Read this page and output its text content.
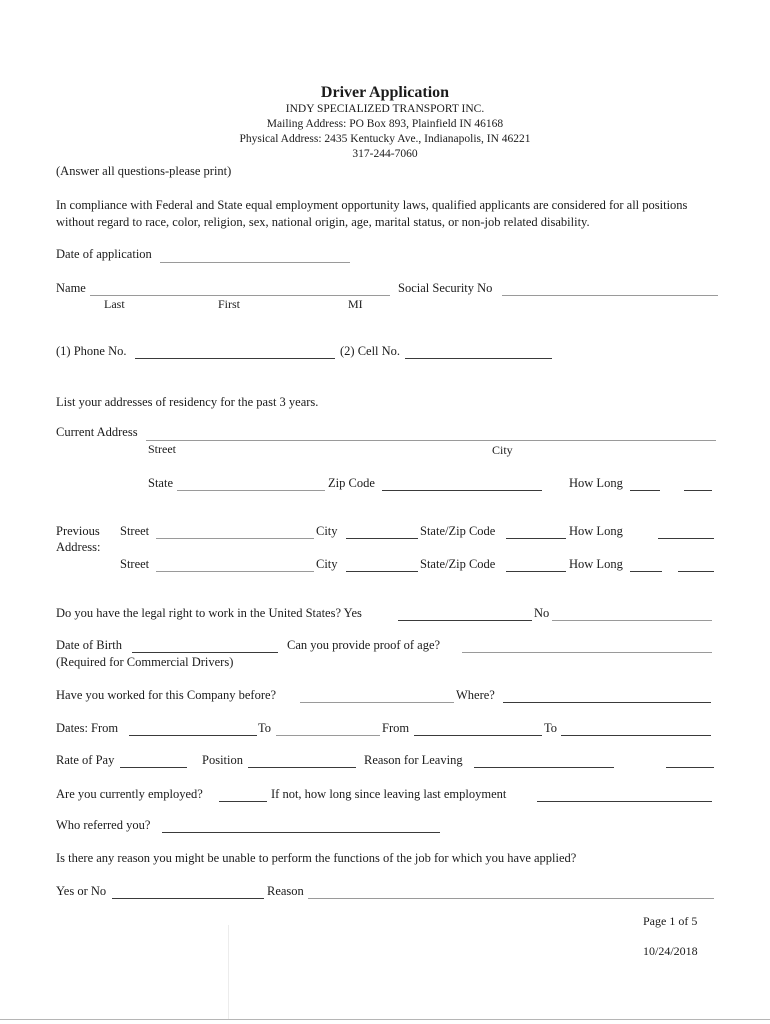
Driver Application
INDY SPECIALIZED TRANSPORT INC.
Mailing Address: PO Box 893, Plainfield IN 46168
Physical Address: 2435 Kentucky Ave., Indianapolis, IN 46221
317-244-7060
(Answer all questions-please print)
In compliance with Federal and State equal employment opportunity laws, qualified applicants are considered for all positions without regard to race, color, religion, sex, national origin, age, marital status, or non-job related disability.
Date of application
Name	Social Security No
Last	First	MI
(1) Phone No.	(2) Cell No.
List your addresses of residency for the past 3 years.
Current Address
Street	City
State	Zip Code	How Long
Previous
Address:
Street	City	State/Zip Code	How Long
Street	City	State/Zip Code	How Long
Do you have the legal right to work in the United States? Yes	No
Date of Birth	Can you provide proof of age?
(Required for Commercial Drivers)
Have you worked for this Company before?	Where?
Dates: From	To	From	To
Rate of Pay	Position	Reason for Leaving
Are you currently employed?	If not, how long since leaving last employment
Who referred you?
Is there any reason you might be unable to perform the functions of the job for which you have applied?
Yes or No	Reason
Page 1 of 5
10/24/2018
